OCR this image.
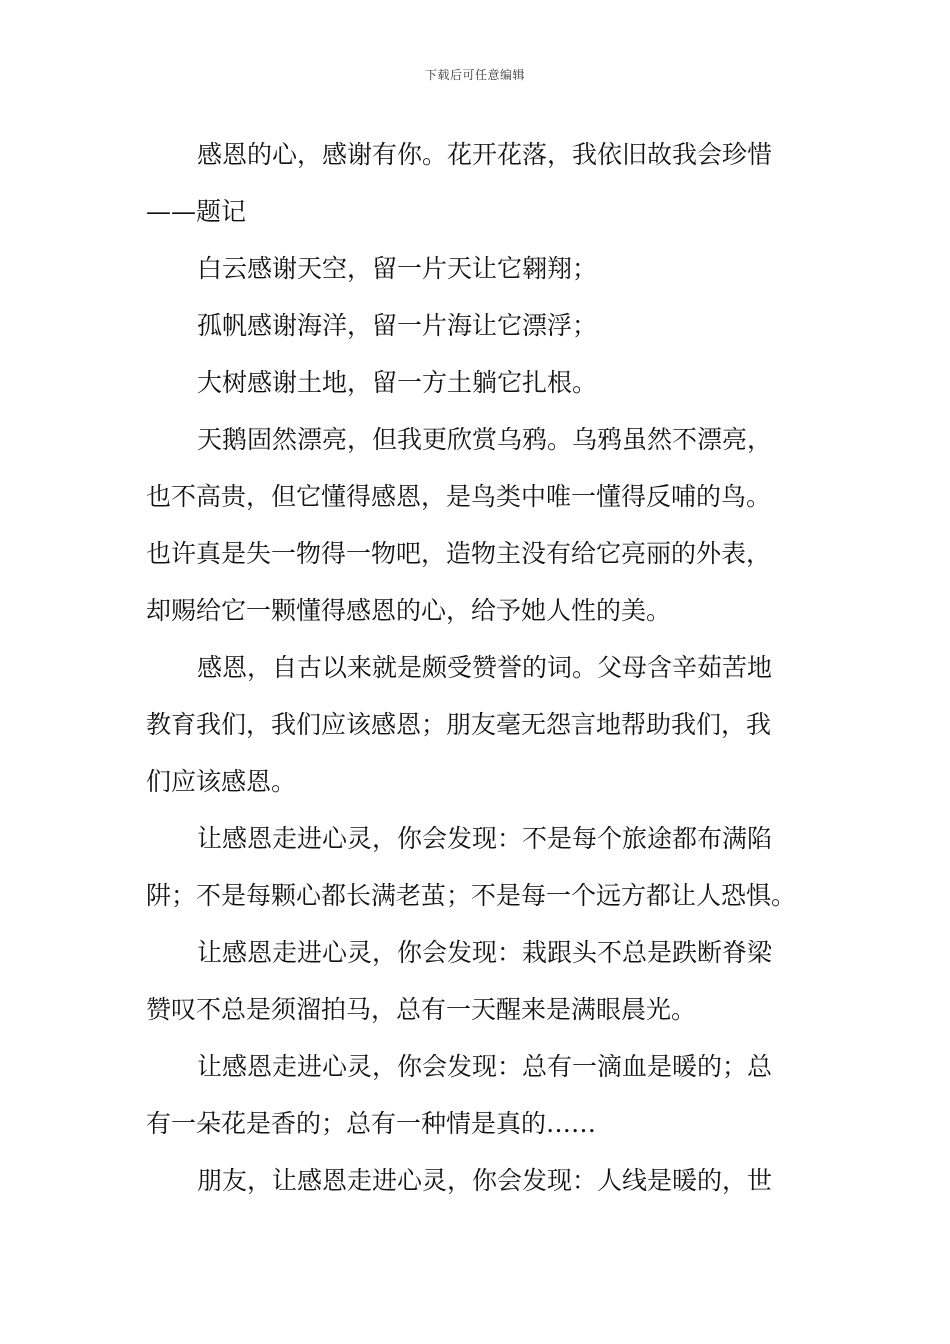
下载后可任意编辑
感恩的心，感谢有你。花开花落，我依旧故我会珍惜
——题记
白云感谢天空，留一片天让它翱翔；
孤帆感谢海洋，留一片海让它漂浮；
大树感谢土地，留一方土躺它扎根。
天鹅固然漂亮，但我更欣赏乌鸦。乌鸦虽然不漂亮，
也不高贵，但它懂得感恩，是鸟类中唯一懂得反哺的鸟。
也许真是失一物得一物吧，造物主没有给它亮丽的外表，
却赐给它一颗懂得感恩的心，给予她人性的美。
感恩，自古以来就是颇受赞誉的词。父母含辛茹苦地
教育我们，我们应该感恩；朋友毫无怨言地帮助我们，我
们应该感恩。
让感恩走进心灵，你会发现：不是每个旅途都布满陷
阱；不是每颗心都长满老茧；不是每一个远方都让人恐惧。
让感恩走进心灵，你会发现：栽跟头不总是跌断脊梁
赞叹不总是须溜拍马，总有一天醒来是满眼晨光。
让感恩走进心灵，你会发现：总有一滴血是暖的；总
有一朵花是香的；总有一种情是真的……
朋友，让感恩走进心灵，你会发现：人线是暖的，世
